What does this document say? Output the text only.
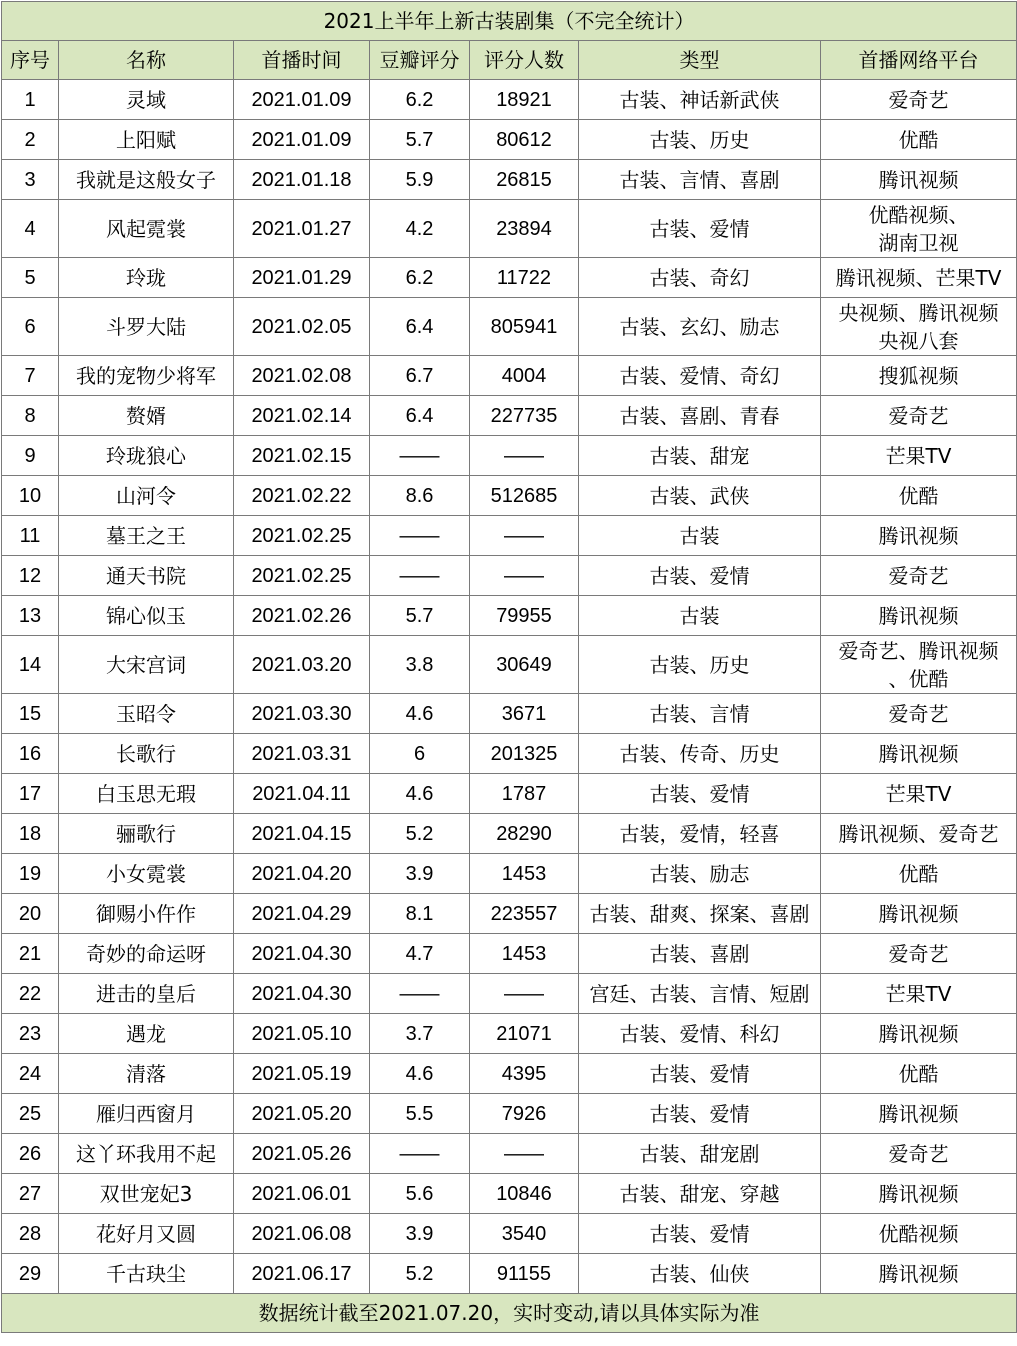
2021上半年上新古装剧集（不完全统计）						
序号	名称	首播时间	豆瓣评分	评分人数	类型	首播网络平台
1	灵域	2021.01.09	6.2	18921	古装、神话新武侠	爱奇艺
2	上阳赋	2021.01.09	5.7	80612	古装、历史	优酷
3	我就是这般女子	2021.01.18	5.9	26815	古装、言情、喜剧	腾讯视频
4	风起霓裳	2021.01.27	4.2	23894	古装、爱情	优酷视频、
湖南卫视

5	玲珑	2021.01.29	6.2	11722	古装、奇幻	腾讯视频、芒果TV
6	斗罗大陆	2021.02.05	6.4	805941	古装、玄幻、励志	央视频、腾讯视频
央视八套

7	我的宠物少将军	2021.02.08	6.7	4004	古装、爱情、奇幻	搜狐视频
8	赘婿	2021.02.14	6.4	227735	古装、喜剧、青春	爱奇艺
9	玲珑狼心	2021.02.15	——	——	古装、甜宠	芒果TV
10	山河令	2021.02.22	8.6	512685	古装、武侠	优酷
11	墓王之王	2021.02.25	——	——	古装	腾讯视频
12	通天书院	2021.02.25	——	——	古装、爱情	爱奇艺
13	锦心似玉	2021.02.26	5.7	79955	古装	腾讯视频
14	大宋宫词	2021.03.20	3.8	30649	古装、历史	爱奇艺、腾讯视频
、优酷

15	玉昭令	2021.03.30	4.6	3671	古装、言情	爱奇艺
16	长歌行	2021.03.31	6	201325	古装、传奇、历史	腾讯视频
17	白玉思无瑕	2021.04.11	4.6	1787	古装、爱情	芒果TV
18	骊歌行	2021.04.15	5.2	28290	古装，爱情，轻喜	腾讯视频、爱奇艺
19	小女霓裳	2021.04.20	3.9	1453	古装、励志	优酷
20	御赐小仵作	2021.04.29	8.1	223557	古装、甜爽、探案、喜剧	腾讯视频
21	奇妙的命运呀	2021.04.30	4.7	1453	古装、喜剧	爱奇艺
22	进击的皇后	2021.04.30	——	——	宫廷、古装、言情、短剧	芒果TV
23	遇龙	2021.05.10	3.7	21071	古装、爱情、科幻	腾讯视频
24	清落	2021.05.19	4.6	4395	古装、爱情	优酷
25	雁归西窗月	2021.05.20	5.5	7926	古装、爱情	腾讯视频
26	这丫环我用不起	2021.05.26	——	——	古装、甜宠剧	爱奇艺
27	双世宠妃3	2021.06.01	5.6	10846	古装、甜宠、穿越	腾讯视频
28	花好月又圆	2021.06.08	3.9	3540	古装、爱情	优酷视频
29	千古玦尘	2021.06.17	5.2	91155	古装、仙侠	腾讯视频
数据统计截至2021.07.20，实时变动,请以具体实际为准						
